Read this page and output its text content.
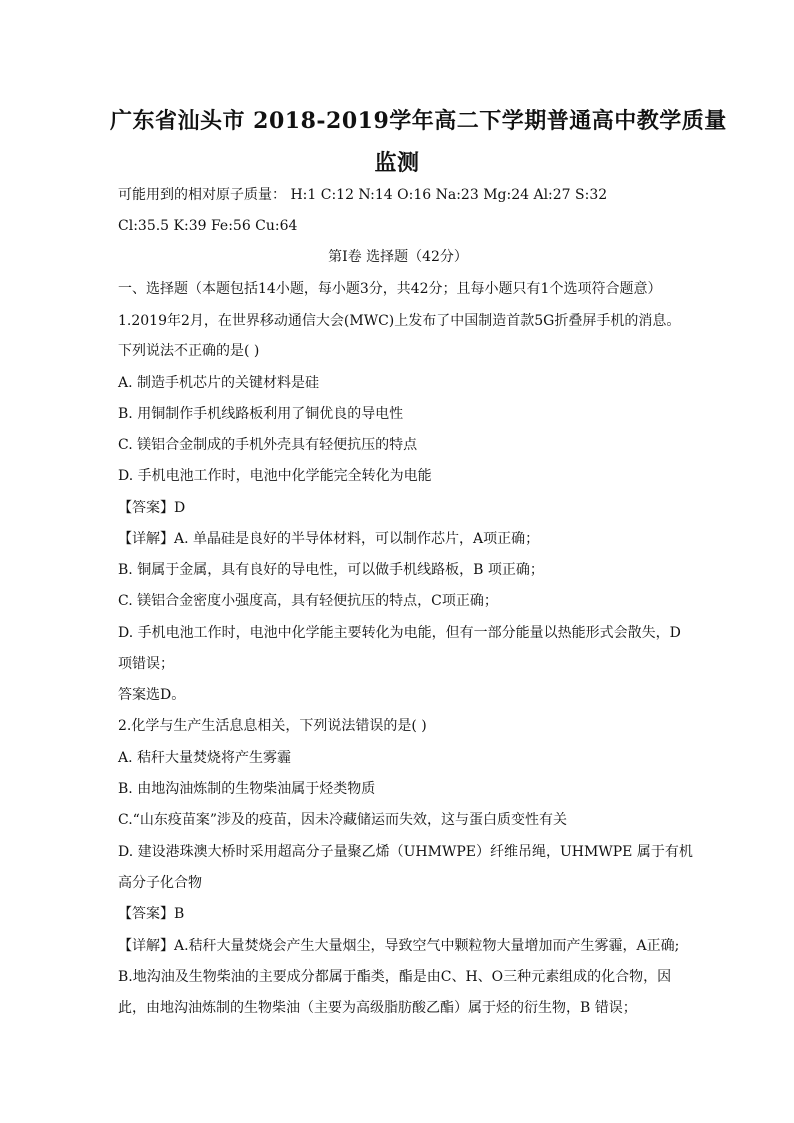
广东省汕头市 2018-2019学年高二下学期普通高中教学质量
监测
可能用到的相对原子质量： H:1 C:12 N:14 O:16 Na:23 Mg:24 Al:27 S:32
Cl:35.5 K:39 Fe:56 Cu:64
第Ⅰ卷 选择题（42分）
一、选择题（本题包括14小题，每小题3分，共42分；且每小题只有1个选项符合题意）
1.2019年2月，在世界移动通信大会(MWC)上发布了中国制造首款5G折叠屏手机的消息。
下列说法不正确的是( )
A. 制造手机芯片的关键材料是硅
B. 用铜制作手机线路板利用了铜优良的导电性
C. 镁铝合金制成的手机外壳具有轻便抗压的特点
D. 手机电池工作时，电池中化学能完全转化为电能
【答案】D
【详解】A. 单晶硅是良好的半导体材料，可以制作芯片，A项正确；
B. 铜属于金属，具有良好的导电性，可以做手机线路板，B 项正确；
C. 镁铝合金密度小强度高，具有轻便抗压的特点，C项正确；
D. 手机电池工作时，电池中化学能主要转化为电能，但有一部分能量以热能形式会散失，D
项错误；
答案选D。
2.化学与生产生活息息相关，下列说法错误的是( )
A. 秸秆大量焚烧将产生雾霾
B. 由地沟油炼制的生物柴油属于烃类物质
C.“山东疫苗案”涉及的疫苗，因未冷藏储运而失效，这与蛋白质变性有关
D. 建设港珠澳大桥时采用超高分子量聚乙烯（UHMWPE）纤维吊绳，UHMWPE 属于有机
高分子化合物
【答案】B
【详解】A.秸秆大量焚烧会产生大量烟尘，导致空气中颗粒物大量增加而产生雾霾，A正确;
B.地沟油及生物柴油的主要成分都属于酯类，酯是由C、H、O三种元素组成的化合物，因
此，由地沟油炼制的生物柴油（主要为高级脂肪酸乙酯）属于烃的衍生物，B 错误；
